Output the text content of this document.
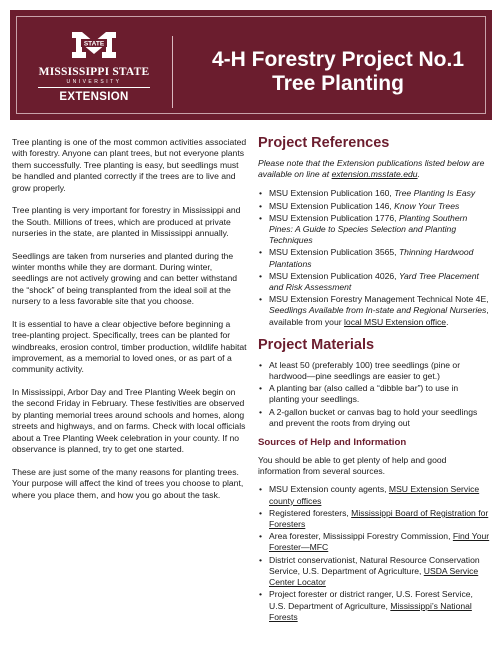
STATE
MISSISSIPPI STATE
UNIVERSITY
EXTENSION
4-H Forestry Project No.1
Tree Planting

Tree planting is one of the most common activities associated with forestry. Anyone can plant trees, but not everyone plants them successfully. Tree planting is easy, but seedlings must be handled and planted correctly if the trees are to live and grow properly.

Tree planting is very important for forestry in Mississippi and the South. Millions of trees, which are produced at private nurseries in the state, are planted in Mississippi annually.

Seedlings are taken from nurseries and planted during the winter months while they are dormant. During winter, seedlings are not actively growing and can better withstand the “shock” of being transplanted from the ideal soil at the nursery to a less favorable site that you choose.

It is essential to have a clear objective before beginning a tree-planting project. Specifically, trees can be planted for windbreaks, erosion control, timber production, wildlife habitat improvement, as a memorial to loved ones, or as part of a community activity.

In Mississippi, Arbor Day and Tree Planting Week begin on the second Friday in February. These festivities are observed by planting memorial trees around schools and homes, along streets and highways, and on farms. Check with local officials about a Tree Planting Week celebration in your county. If no observance is planned, try to get one started.

These are just some of the many reasons for planting trees. Your purpose will affect the kind of trees you choose to plant, where you place them, and how you go about the task.

Project References

Please note that the Extension publications listed below are available on line at extension.msstate.edu.

• MSU Extension Publication 160, Tree Planting Is Easy
• MSU Extension Publication 146, Know Your Trees
• MSU Extension Publication 1776, Planting Southern Pines: A Guide to Species Selection and Planting Techniques
• MSU Extension Publication 3565, Thinning Hardwood Plantations
• MSU Extension Publication 4026, Yard Tree Placement and Risk Assessment
• MSU Extension Forestry Management Technical Note 4E, Seedlings Available from In-state and Regional Nurseries, available from your local MSU Extension office.
Project Materials
• At least 50 (preferably 100) tree seedlings (pine or hardwood—pine seedlings are easier to get.)
• A planting bar (also called a “dibble bar”) to use in planting your seedlings.
• A 2-gallon bucket or canvas bag to hold your seedlings and prevent the roots from drying out
Sources of Help and Information

You should be able to get plenty of help and good information from several sources.

• MSU Extension county agents, MSU Extension Service county offices
• Registered foresters, Mississippi Board of Registration for Foresters
• Area forester, Mississippi Forestry Commission, Find Your Forester—MFC
• District conservationist, Natural Resource Conservation Service, U.S. Department of Agriculture, USDA Service Center Locator
• Project forester or district ranger, U.S. Forest Service, U.S. Department of Agriculture, Mississippi’s National Forests
